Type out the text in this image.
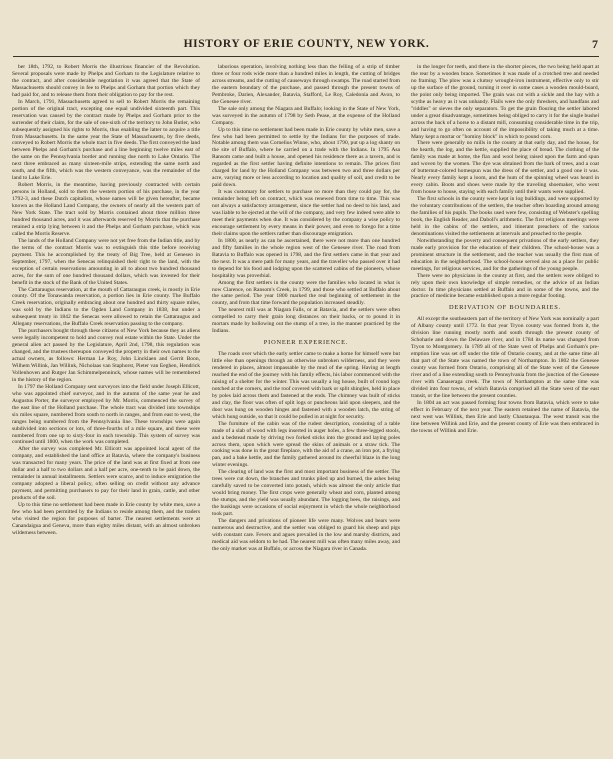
HISTORY OF ERIE COUNTY, NEW YORK.	7

ber 18th, 1792, to Robert Morris the illustrious financier of the Revolution. Several proposals were made by Phelps and Gorham to the Legislature relative to the contract, and after considerable negotiation it was agreed that the State of Massachusetts should convey in fee to Phelps and Gorham that portion which they had paid for, and to release them from their obligation to pay for the rest.

In March, 1791, Massachusetts agreed to sell to Robert Morris the remaining portion of the original tract, excepting one equal undivided sixteenth part. This reservation was caused by the contract made by Phelps and Gorham prior to the surrender of their claim, for the sale of one-sixth of the territory to John Butler, who subsequently assigned his rights to Morris, thus enabling the latter to acquire a title from Massachusetts. In the same year the State of Massachusetts, by five deeds, conveyed to Robert Morris the whole tract in five deeds. The first conveyed the land between Phelps and Gorham's purchase and a line beginning twelve miles east of the same on the Pennsylvania border and running due north to Lake Ontario. The next three embraced as many sixteen-mile strips, extending the same north and south, and the fifth, which was the western conveyance, was the remainder of the land to Lake Erie.

Robert Morris, in the meantime, having previously contracted with certain persons in Holland, sold to them the western portion of his purchase, in the year 1792-3, and these Dutch capitalists, whose names will be given hereafter, became known as the Holland Land Company, the owners of nearly all the western part of New York State. The tract sold by Morris contained about three million three hundred thousand acres, and it was afterwards reserved by Morris that the purchase retained a strip lying between it and the Phelps and Gorham purchase, which was called the Morris Reserve.

The lands of the Holland Company were not yet free from the Indian title, and by the terms of the contract Morris was to extinguish this title before receiving payment. This he accomplished by the treaty of Big Tree, held at Geneseo in September, 1797, when the Senecas relinquished their right to the land, with the exception of certain reservations amounting in all to about two hundred thousand acres, for the sum of one hundred thousand dollars, which was invested for their benefit in the stock of the Bank of the United States.

The Cattaraugus reservation, at the mouth of Cattaraugus creek, is mostly in Erie county. Of the Tonawanda reservation, a portion lies in Erie county. The Buffalo Creek reservation, originally embracing about one hundred and thirty square miles, was sold by the Indians to the Ogden Land Company in 1838, but under a subsequent treaty in 1842 the Senecas were allowed to retain the Cattaraugus and Allegany reservations, the Buffalo Creek reservation passing to the company.

The purchasers bought through these citizens of New York because they as aliens were legally incompetent to hold and convey real estate within the State. Under the general alien act passed by the Legislature, April 2nd, 1798, this regulation was changed, and the trustees thereupon conveyed the property in their own names to the actual owners, as follows: Herman Le Roy, John Lincklaen and Gerrit Boon, Wilhem Willink, Jan Willink, Nicholaas van Staphorst, Pieter van Eeghen, Hendrick Vollenhoven and Rutger Jan Schimmelpenninck, whose names will be remembered in the history of the region.

In 1797 the Holland Company sent surveyors into the field under Joseph Ellicott, who was appointed chief surveyor, and in the autumn of the same year he and Augustus Porter, the surveyor employed by Mr. Morris, commenced the survey of the east line of the Holland purchase. The whole tract was divided into townships six miles square, numbered from south to north in ranges, and from east to west, the ranges being numbered from the Pennsylvania line. These townships were again subdivided into sections or lots, of three-fourths of a mile square, and these were numbered from one up to sixty-four in each township. This system of survey was continued until 1800, when the work was completed.

After the survey was completed Mr. Ellicott was appointed local agent of the company, and established the land office at Batavia, where the company's business was transacted for many years. The price of the land was at first fixed at from one dollar and a half to two dollars and a half per acre, one-tenth to be paid down, the remainder in annual installments. Settlers were scarce, and to induce emigration the company adopted a liberal policy, often selling on credit without any advance payment, and permitting purchasers to pay for their land in grain, cattle, and other products of the soil.

Up to this time no settlement had been made in Erie county by white men, save a few who had been permitted by the Indians to reside among them, and the traders who visited the region for purposes of barter. The nearest settlements were at Canandaigua and Geneva, more than eighty miles distant, with an almost unbroken wilderness between.

laborious operation, involving nothing less than the felling of a strip of timber three or four rods wide more than a hundred miles in length, the cutting of bridges across streams, and the cutting of causeways through swamps. The road started from the eastern boundary of the purchase, and passed through the present towns of Pembroke, Darien, Alexander, Batavia, Stafford, Le Roy, Caledonia and Avon, to the Genesee river.

The sale only among the Niagara and Buffalo; looking in the State of New York, was surveyed in the autumn of 1798 by Seth Pease, at the expense of the Holland Company.

Up to this time no settlement had been made in Erie county by white men, save a few who had been permitted to settle by the Indians for the purposes of trade. Notable among them was Cornelius Winne, who, about 1790, put up a log shanty on the site of Buffalo, where he carried on a trade with the Indians. In 1795 Asa Ransom came and built a house, and opened his residence there as a tavern, and is regarded as the first settler having definite intentions to remain. The prices first charged for land by the Holland Company was between two and three dollars per acre, varying more or less according to location and quality of soil, and credit to be paid down.

It was customary for settlers to purchase no more than they could pay for, the remainder being left on contract, which was renewed from time to time. This was not always a satisfactory arrangement, since the settler had no deed to his land, and was liable to be ejected at the will of the company, and very few indeed were able to meet their payments when due. It was considered by the company a wise policy to encourage settlement by every means in their power, and even to forego for a time their claims upon the settlers rather than discourage emigration.

In 1800, as nearly as can be ascertained, there were not more than one hundred and fifty families in the whole region west of the Genesee river. The road from Batavia to Buffalo was opened in 1798, and the first settlers came in that year and the next. It was a mere path for many years, and the traveller who passed over it had to depend for his food and lodging upon the scattered cabins of the pioneers, whose hospitality was proverbial.

Among the first settlers in the county were the families who located in what is now Clarence, on Ransom's Creek, in 1799, and those who settled at Buffalo about the same period. The year 1800 marked the real beginning of settlement in the county, and from that time forward the population increased steadily.

The nearest mill was at Niagara Falls, or at Batavia, and the settlers were often compelled to carry their grain long distances on their backs, or to pound it in mortars made by hollowing out the stump of a tree, in the manner practiced by the Indians.

PIONEER EXPERIENCE.

The roads over which the early settler came to make a home for himself were but little else than openings through an otherwise unbroken wilderness, and they were rendered in places, almost impassable by the mud of the spring. Having at length reached the end of the journey with his family effects, his labor commenced with the raising of a shelter for the winter. This was usually a log house, built of round logs notched at the corners, and the roof covered with bark or split shingles, held in place by poles laid across them and fastened at the ends. The chimney was built of sticks and clay, the floor was often of split logs or puncheons laid upon sleepers, and the door was hung on wooden hinges and fastened with a wooden latch, the string of which hung outside, so that it could be pulled in at night for security.

The furniture of the cabin was of the rudest description, consisting of a table made of a slab of wood with legs inserted in auger holes, a few three-legged stools, and a bedstead made by driving two forked sticks into the ground and laying poles across them, upon which were spread the skins of animals or a straw tick. The cooking was done in the great fireplace, with the aid of a crane, an iron pot, a frying pan, and a bake kettle, and the family gathered around its cheerful blaze in the long winter evenings.

The clearing of land was the first and most important business of the settler. The trees were cut down, the branches and trunks piled up and burned, the ashes being carefully saved to be converted into potash, which was almost the only article that would bring money. The first crops were generally wheat and corn, planted among the stumps, and the yield was usually abundant. The logging bees, the raisings, and the huskings were occasions of social enjoyment in which the whole neighborhood took part.

The dangers and privations of pioneer life were many. Wolves and bears were numerous and destructive, and the settler was obliged to guard his sheep and pigs with constant care. Fevers and agues prevailed in the low and marshy districts, and medical aid was seldom to be had. The nearest mill was often many miles away, and the only market was at Buffalo, or across the Niagara river in Canada.

in the longer for teeth, and there in the shorter pieces, the two being held apart at the rear by a wooden brace. Sometimes it was made of a crotched tree and needed no framing. The plow was a clumsy wrought-iron instrument, effective only to stir up the surface of the ground, turning it over in some cases a wooden mould-board, the point only being imported. The grain was cut with a sickle and the hay with a scythe as heavy as it was unhandy. Flails were the only threshers, and handfans and "riddles" or sieves the only separators. To get the grain flouring the settler labored under a great disadvantage, sometimes being obliged to carry it for the single bushel across the back of a horse to a distant mill, consuming considerable time in the trip, and having to go often on account of the impossibility of taking much at a time. Many kept a mortar or "hominy block" in which to pound corn.

There were generally no mills in the county at that early day, and the house, for the hearth, the log, and the kettle, supplied the place of bread. The clothing of the family was made at home, the flax and wool being raised upon the farm and spun and woven by the women. The dye was obtained from the bark of trees, and a coat of butternut-colored homespun was the dress of the settler, and a good one it was. Nearly every family kept a loom, and the hum of the spinning wheel was heard in every cabin. Boots and shoes were made by the traveling shoemaker, who went from house to house, staying with each family until their wants were supplied.

The first schools in the county were kept in log buildings, and were supported by the voluntary contributions of the settlers, the teacher often boarding around among the families of his pupils. The books used were few, consisting of Webster's spelling book, the English Reader, and Daboll's arithmetic. The first religious meetings were held in the cabins of the settlers, and itinerant preachers of the various denominations visited the settlements at intervals and preached to the people.

Notwithstanding the poverty and consequent privations of the early settlers, they made early provision for the education of their children. The school-house was a prominent structure in the settlement, and the teacher was usually the first man of education in the neighborhood. The school-house served also as a place for public meetings, for religious services, and for the gatherings of the young people.

There were no physicians in the county at first, and the settlers were obliged to rely upon their own knowledge of simple remedies, or the advice of an Indian doctor. In time physicians settled at Buffalo and in some of the towns, and the practice of medicine became established upon a more regular footing.

DERIVATION OF BOUNDARIES.

All except the southeastern part of the territory of New York was nominally a part of Albany county until 1772. In that year Tryon county was formed from it, the division line running mostly north and south through the present county of Schoharie and down the Delaware river, and in 1784 its name was changed from Tryon to Montgomery. In 1789 all of the State west of Phelps and Gorham's pre-emption line was set off under the title of Ontario county, and at the same time all that part of the State was named the town of Northampton. In 1802 the Genesee county was formed from Ontario, comprising all of the State west of the Genesee river and of a line extending south to Pennsylvania from the junction of the Genesee river with Canaseraga creek. The town of Northampton at the same time was divided into four towns, of which Batavia comprised all the State west of the east transit, or the line between the present counties.

In 1804 an act was passed forming four towns from Batavia, which were to take effect in February of the next year. The eastern retained the name of Batavia, the next west was Willink, then Erie and lastly Chautauqua. The west transit was the line between Willink and Erie, and the present county of Erie was then embraced in the towns of Willink and Erie.
